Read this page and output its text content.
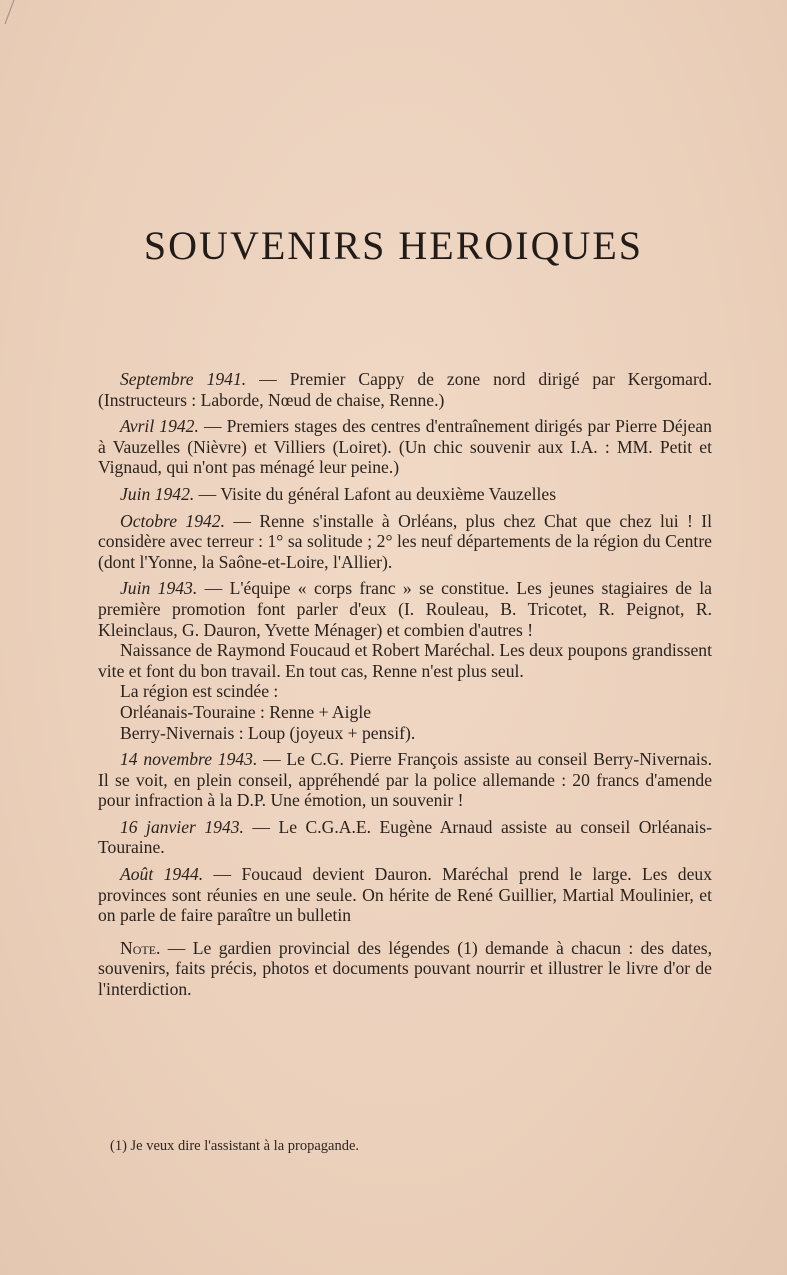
SOUVENIRS HEROIQUES

Septembre 1941. — Premier Cappy de zone nord dirigé par Kergomard. (Instructeurs : Laborde, Nœud de chaise, Renne.)

Avril 1942. — Premiers stages des centres d'entraînement dirigés par Pierre Déjean à Vauzelles (Nièvre) et Villiers (Loiret). (Un chic souvenir aux I.A. : MM. Petit et Vignaud, qui n'ont pas ménagé leur peine.)

Juin 1942. — Visite du général Lafont au deuxième Vauzelles

Octobre 1942. — Renne s'installe à Orléans, plus chez Chat que chez lui ! Il considère avec terreur : 1° sa solitude ; 2° les neuf départements de la région du Centre (dont l'Yonne, la Saône-et-Loire, l'Allier).

Juin 1943. — L'équipe « corps franc » se constitue. Les jeunes stagiaires de la première promotion font parler d'eux (I. Rouleau, B. Tricotet, R. Peignot, R. Kleinclaus, G. Dauron, Yvette Ménager) et combien d'autres !

Naissance de Raymond Foucaud et Robert Maréchal. Les deux poupons grandissent vite et font du bon travail. En tout cas, Renne n'est plus seul.

La région est scindée :
Orléanais-Touraine : Renne + Aigle
Berry-Nivernais : Loup (joyeux + pensif).

14 novembre 1943. — Le C.G. Pierre François assiste au conseil Berry-Nivernais. Il se voit, en plein conseil, appréhendé par la police allemande : 20 francs d'amende pour infraction à la D.P. Une émotion, un souvenir !

16 janvier 1943. — Le C.G.A.E. Eugène Arnaud assiste au conseil Orléanais-Touraine.

Août 1944. — Foucaud devient Dauron. Maréchal prend le large. Les deux provinces sont réunies en une seule. On hérite de René Guillier, Martial Moulinier, et on parle de faire paraître un bulletin

Note. — Le gardien provincial des légendes (1) demande à chacun : des dates, souvenirs, faits précis, photos et documents pouvant nourrir et illustrer le livre d'or de l'interdiction.

(1) Je veux dire l'assistant à la propagande.
